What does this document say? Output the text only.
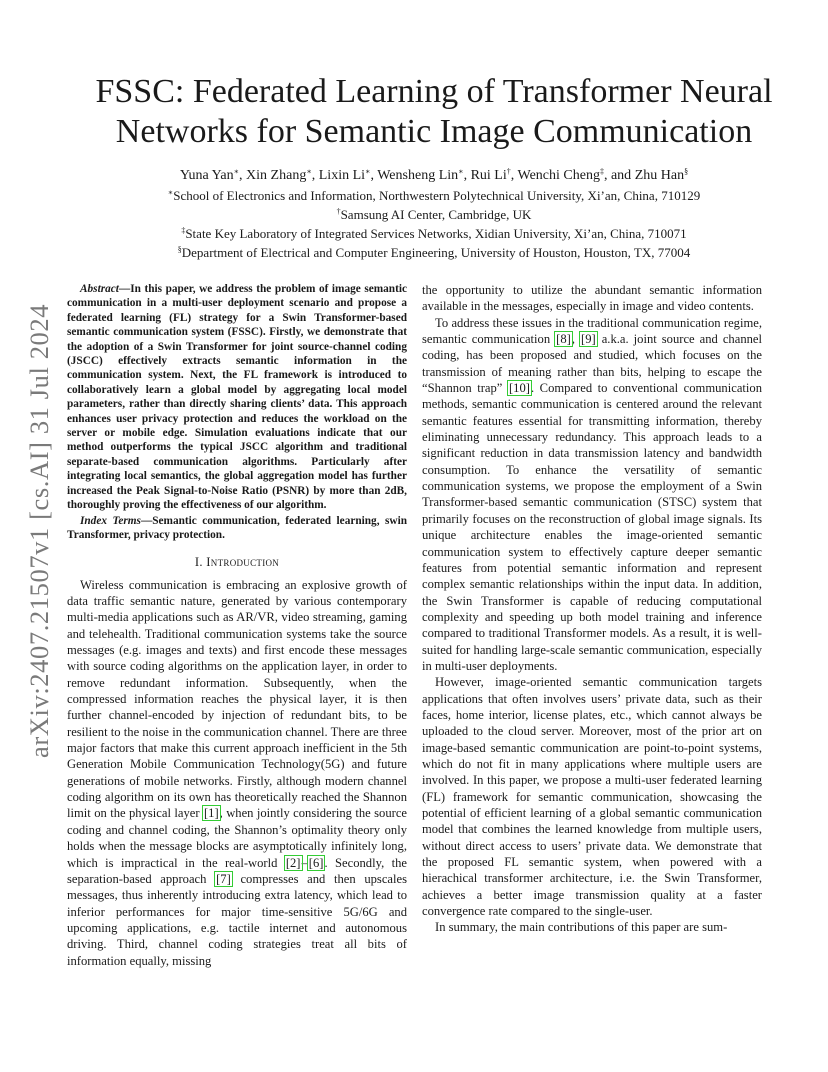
arXiv:2407.21507v1 [cs.AI] 31 Jul 2024
FSSC: Federated Learning of Transformer Neural Networks for Semantic Image Communication
Yuna Yan∗, Xin Zhang∗, Lixin Li∗, Wensheng Lin∗, Rui Li†, Wenchi Cheng‡, and Zhu Han§
∗School of Electronics and Information, Northwestern Polytechnical University, Xi’an, China, 710129
†Samsung AI Center, Cambridge, UK
‡State Key Laboratory of Integrated Services Networks, Xidian University, Xi’an, China, 710071
§Department of Electrical and Computer Engineering, University of Houston, Houston, TX, 77004

Abstract—In this paper, we address the problem of image semantic communication in a multi-user deployment scenario and propose a federated learning (FL) strategy for a Swin Transformer-based semantic communication system (FSSC). Firstly, we demonstrate that the adoption of a Swin Transformer for joint source-channel coding (JSCC) effectively extracts semantic information in the communication system. Next, the FL framework is introduced to collaboratively learn a global model by aggregating local model parameters, rather than directly sharing clients’ data. This approach enhances user privacy protection and reduces the workload on the server or mobile edge. Simulation evaluations indicate that our method outperforms the typical JSCC algorithm and traditional separate-based communication algorithms. Particularly after integrating local semantics, the global aggregation model has further increased the Peak Signal-to-Noise Ratio (PSNR) by more than 2dB, thoroughly proving the effectiveness of our algorithm.

Index Terms—Semantic communication, federated learning, swin Transformer, privacy protection.

I. Introduction

Wireless communication is embracing an explosive growth of data traffic semantic nature, generated by various contemporary multi-media applications such as AR/VR, video streaming, gaming and telehealth. Traditional communication systems take the source messages (e.g. images and texts) and first encode these messages with source coding algorithms on the application layer, in order to remove redundant information. Subsequently, when the compressed information reaches the physical layer, it is then further channel-encoded by injection of redundant bits, to be resilient to the noise in the communication channel. There are three major factors that make this current approach inefficient in the 5th Generation Mobile Communication Technology(5G) and future generations of mobile networks. Firstly, although modern channel coding algorithm on its own has theoretically reached the Shannon limit on the physical layer [1], when jointly considering the source coding and channel coding, the Shannon’s optimality theory only holds when the message blocks are asymptotically infinitely long, which is impractical in the real-world [2]–[6]. Secondly, the separation-based approach [7] compresses and then upscales messages, thus inherently introducing extra latency, which lead to inferior performances for major time-sensitive 5G/6G and upcoming applications, e.g. tactile internet and autonomous driving. Third, channel coding strategies treat all bits of information equally, missing

the opportunity to utilize the abundant semantic information available in the messages, especially in image and video contents.

To address these issues in the traditional communication regime, semantic communication [8], [9] a.k.a. joint source and channel coding, has been proposed and studied, which focuses on the transmission of meaning rather than bits, helping to escape the “Shannon trap” [10]. Compared to conventional communication methods, semantic communication is centered around the relevant semantic features essential for transmitting information, thereby eliminating unnecessary redundancy. This approach leads to a significant reduction in data transmission latency and bandwidth consumption. To enhance the versatility of semantic communication systems, we propose the employment of a Swin Transformer-based semantic communication (STSC) system that primarily focuses on the reconstruction of global image signals. Its unique architecture enables the image-oriented semantic communication system to effectively capture deeper semantic features from potential semantic information and represent complex semantic relationships within the input data. In addition, the Swin Transformer is capable of reducing computational complexity and speeding up both model training and inference compared to traditional Transformer models. As a result, it is well-suited for handling large-scale semantic communication, especially in multi-user deployments.

However, image-oriented semantic communication targets applications that often involves users’ private data, such as their faces, home interior, license plates, etc., which cannot always be uploaded to the cloud server. Moreover, most of the prior art on image-based semantic communication are point-to-point systems, which do not fit in many applications where multiple users are involved. In this paper, we propose a multi-user federated learning (FL) framework for semantic communication, showcasing the potential of efficient learning of a global semantic communication model that combines the learned knowledge from multiple users, without direct access to users’ private data. We demonstrate that the proposed FL semantic system, when powered with a hierachical transformer architecture, i.e. the Swin Transformer, achieves a better image transmission quality at a faster convergence rate compared to the single-user.

In summary, the main contributions of this paper are sum-
